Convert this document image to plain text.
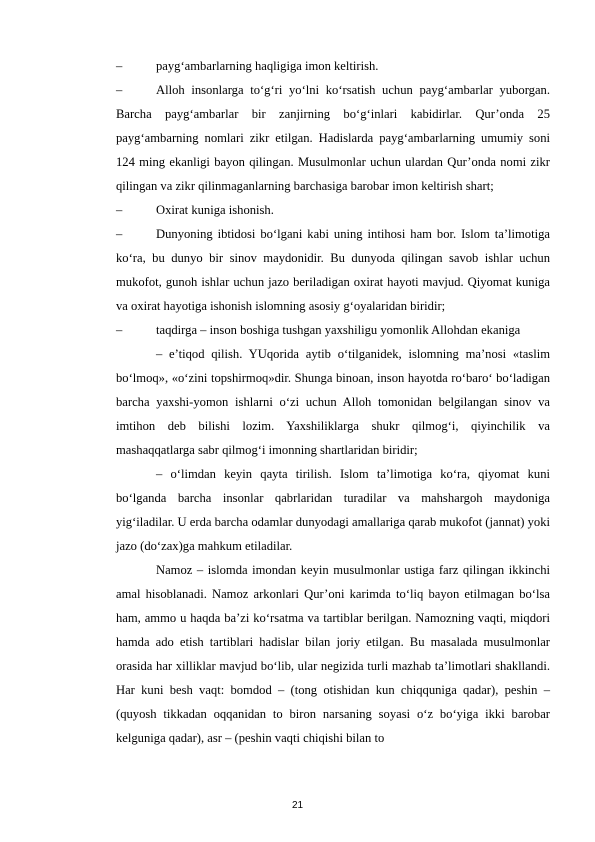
–	payg‘ambarlarning haqligiga imon keltirish.

–	Alloh insonlarga to‘g‘ri yo‘lni ko‘rsatish uchun payg‘ambarlar yuborgan. Barcha payg‘ambarlar bir zanjirning bo‘g‘inlari kabidirlar. Qur’onda 25 payg‘ambarning nomlari zikr etilgan. Hadislarda payg‘ambarlarning umumiy soni 124 ming ekanligi bayon qilingan. Musulmonlar uchun ulardan Qur’onda nomi zikr qilingan va zikr qilinmaganlarning barchasiga barobar imon keltirish shart;

–	Oxirat kuniga ishonish.

–	Dunyoning ibtidosi bo‘lgani kabi uning intihosi ham bor. Islom ta’limotiga ko‘ra, bu dunyo bir sinov maydonidir. Bu dunyoda qilingan savob ishlar uchun mukofot, gunoh ishlar uchun jazo beriladigan oxirat hayoti mavjud. Qiyomat kuniga va oxirat hayotiga ishonish islomning asosiy g‘oyalaridan biridir;

–	taqdirga – inson boshiga tushgan yaxshiligu yomonlik Allohdan ekaniga

– e’tiqod qilish. YUqorida aytib o‘tilganidek, islomning ma’nosi «taslim bo‘lmoq», «o‘zini topshirmoq»dir. Shunga binoan, inson hayotda ro‘baro‘ bo‘ladigan barcha yaxshi-yomon ishlarni o‘zi uchun Alloh tomonidan belgilangan sinov va imtihon deb bilishi lozim. Yaxshiliklarga shukr qilmog‘i, qiyinchilik va mashaqqatlarga sabr qilmog‘i imonning shartlaridan biridir;

– o‘limdan keyin qayta tirilish. Islom ta’limotiga ko‘ra, qiyomat kuni bo‘lganda barcha insonlar qabrlaridan turadilar va mahshargoh maydoniga yig‘iladilar. U erda barcha odamlar dunyodagi amallariga qarab mukofot (jannat) yoki jazo (do‘zax)ga mahkum etiladilar.

Namoz – islomda imondan keyin musulmonlar ustiga farz qilingan ikkinchi amal hisoblanadi. Namoz arkonlari Qur’oni karimda to‘liq bayon etilmagan bo‘lsa ham, ammo u haqda ba’zi ko‘rsatma va tartiblar berilgan. Namozning vaqti, miqdori hamda ado etish tartiblari hadislar bilan joriy etilgan. Bu masalada musulmonlar orasida har xilliklar mavjud bo‘lib, ular negizida turli mazhab ta’limotlari shakllandi. Har kuni besh vaqt: bomdod – (tong otishidan kun chiqquniga qadar), peshin – (quyosh tikkadan oqqanidan to biron narsaning soyasi o‘z bo‘yiga ikki barobar kelguniga qadar), asr – (peshin vaqti chiqishi bilan to

21
